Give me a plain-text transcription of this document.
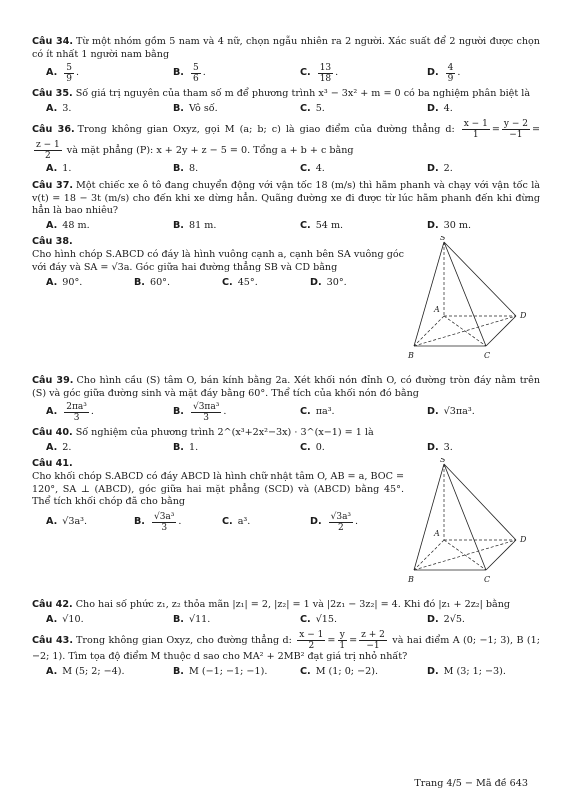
Câu 34. Từ một nhóm gồm 5 nam và 4 nữ, chọn ngẫu nhiên ra 2 người. Xác suất để 2 người được chọn có ít nhất 1 người nam bằng
A. $\frac{5}{9}$ .	B. $\frac{5}{6}$ .	C. $\frac{13}{18}$ .	D. $\frac{4}{9}$ .
Câu 35. Số giá trị nguyên của tham số m để phương trình x³ − 3x² + m = 0 có ba nghiệm phân biệt là
A. 3.	B. Vô số.	C. 5.	D. 4.
Câu 36. Trong không gian Oxyz, gọi M (a; b; c) là giao điểm của đường thẳng d: $\frac{x - 1}{1} = \frac{y - 2}{-1}$ =
$\frac{z - 1}{2}$ và mặt phẳng (P): x + 2y + z − 5 = 0. Tổng a + b + c bằng
A. 1.	B. 8.	C. 4.	D. 2.
Câu 37. Một chiếc xe ô tô đang chuyển động với vận tốc 18 (m/s) thì hãm phanh và chạy với vận tốc là v(t) = 18 − 3t (m/s) cho đến khi xe dừng hẳn. Quãng đường xe đi được từ lúc hãm phanh đến khi đừng hẳn là bao nhiêu?
A. 48 m.	B. 81 m.	C. 54 m.	D. 30 m.
Câu 38.
Cho hình chóp S.ABCD có đáy là hình vuông cạnh a, cạnh bên SA vuông góc với đáy và SA = √3a. Góc giữa hai đường thẳng SB và CD bằng
A. 90°.	B. 60°.	C. 45°.	D. 30°.
S
A
B	C
D
Câu 39. Cho hình cầu (S) tâm O, bán kính bằng 2a. Xét khối nón đỉnh O, có đường tròn đáy nằm trên (S) và góc giữa đường sinh và mặt đáy bằng 60°. Thể tích của khối nón đó bằng
A. $\frac{\text{2πa³}}{3}$ .	B. $\frac{\text{√3πa³}}{3}$ .	C. πa³.	D. √3πa³.
Câu 40. Số nghiệm của phương trình 2^(x³+2x²−3x) · 3^(x−1) = 1 là
A. 2.	B. 1.	C. 0.	D. 3.
Câu 41.
Cho khối chóp S.ABCD có đáy ABCD là hình chữ nhật tâm O, AB = a, BOC = 120°, SA ⊥ (ABCD), góc giữa hai mặt phẳng (SCD) và (ABCD) bằng 45°. Thể tích khối chóp đã cho bằng
A. √3a³.	B. $\frac{\text{√3a³}}{3}$ .	C. a³.	D. $\frac{\text{√3a³}}{2}$ .
S
A
B	C
D
Câu 42. Cho hai số phức z₁, z₂ thỏa mãn |z₁| = 2, |z₂| = 1 và |2z₁ − 3z₂| = 4. Khi đó |z₁ + 2z₂| bằng
A. √10.	B. √11.	C. √15.	D. 2√5.
Câu 43. Trong không gian Oxyz, cho đường thẳng d: $\frac{x - 1}{2} = \frac{y}{1} = \frac{z + 2}{-1}$ và hai điểm A (0; −1; 3), B (1; −2; 1). Tìm tọa độ điểm M thuộc d sao cho MA² + 2MB² đạt giá trị nhỏ nhất?
A. M (5; 2; −4).	B. M (−1; −1; −1).	C. M (1; 0; −2).	D. M (3; 1; −3).
Trang 4/5 − Mã đề 643
